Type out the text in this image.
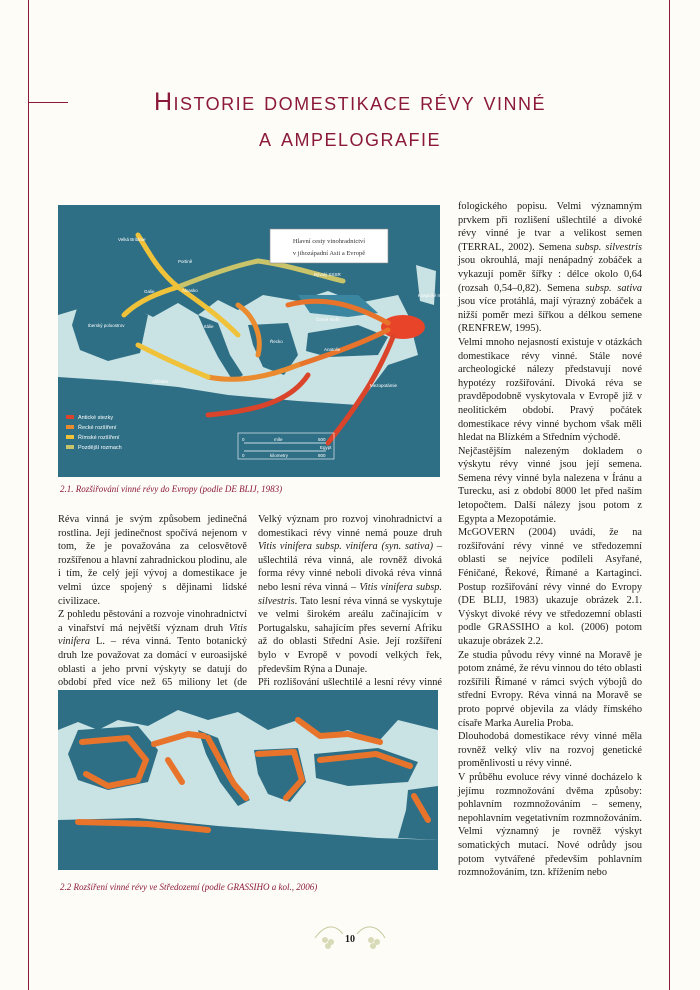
Historie domestikace révy vinné
a ampelografie
Hlavní cesty vinohradnictví
v jihozápadní Asii a Evropě
Velká Británie
Portině
Bývalý SSSR
Galie	Alsasko
Iberský poloostrov
Černé moře
Kaspické moře
Itálie
Řecko
Anatolie
Alžírsko
Mezopotámie
Egypt
Antické stezky
Řecké rozšíření
Římské rozšíření
Pozdější rozmach
0	míle	500
0	kilometry	800
2.1. Rozšiřování vinné révy do Evropy (podle DE BLIJ, 1983)

Réva vinná je svým způsobem jedinečná rostlina. Její jedinečnost spočívá nejenom v tom, že je považována za celosvětově rozšířenou a hlavní zahradnickou plodinu, ale i tím, že celý její vývoj a domestikace je velmi úzce spojený s dějinami lidské civilizace.

Z pohledu pěstování a rozvoje vinohradnictví a vinařství má největší význam druh Vitis vinifera L. – réva vinná. Tento botanický druh lze považovat za domácí v euroasijské oblasti a jeho první výskyty se datují do období před více než 65 miliony let (de

Velký význam pro rozvoj vinohradnictví a domestikaci révy vinné nemá pouze druh Vitis vinifera subsp. vinifera (syn. sativa) – ušlechtilá réva vinná, ale rovněž divoká forma révy vinné neboli divoká réva vinná nebo lesní réva vinná – Vitis vinifera subsp. silvestris. Tato lesní réva vinná se vyskytuje ve velmi širokém areálu začínajícím v Portugalsku, sahajícím přes severní Afriku až do oblasti Střední Asie. Její rozšíření bylo v Evropě v povodí velkých řek, především Rýna a Dunaje.

Při rozlišování ušlechtilé a lesní révy vinné

2.2 Rozšíření vinné révy ve Středozemí (podle GRASSIHO a kol., 2006)

fologického popisu. Velmi významným prvkem při rozlišení ušlechtilé a divoké révy vinné je tvar a velikost semen (TERRAL, 2002). Semena subsp. silvestris jsou okrouhlá, mají nenápadný zobáček a vykazují poměr šířky : délce okolo 0,64 (rozsah 0,54–0,82). Semena subsp. sativa jsou více protáhlá, mají výrazný zobáček a nižší poměr mezi šířkou a délkou semene (RENFREW, 1995).

Velmi mnoho nejasností existuje v otázkách domestikace révy vinné. Stále nové archeologické nálezy představují nové hypotézy rozšiřování. Divoká réva se pravděpodobně vyskytovala v Evropě již v neolitickém období. Pravý počátek domestikace révy vinné bychom však měli hledat na Blízkém a Středním východě.

Nejčastějším nalezeným dokladem o výskytu révy vinné jsou její semena. Semena révy vinné byla nalezena v Íránu a Turecku, asi z období 8000 let před naším letopočtem. Další nálezy jsou potom z Egypta a Mezopotámie.

McGOVERN (2004) uvádí, že na rozšiřování révy vinné ve středozemní oblasti se nejvíce podíleli Asyřané, Féničané, Řekové, Římané a Kartaginci. Postup rozšiřování révy vinné do Evropy (DE BLIJ, 1983) ukazuje obrázek 2.1. Výskyt divoké révy ve středozemní oblasti podle GRASSIHO a kol. (2006) potom ukazuje obrázek 2.2.

Ze studia původu révy vinné na Moravě je potom známé, že révu vinnou do této oblasti rozšířili Římané v rámci svých výbojů do střední Evropy. Réva vinná na Moravě se proto poprvé objevila za vlády římského císaře Marka Aurelia Proba.

Dlouhodobá domestikace révy vinné měla rovněž velký vliv na rozvoj genetické proměnlivosti u révy vinné.

V průběhu evoluce révy vinné docházelo k jejímu rozmnožování dvěma způsoby: pohlavním rozmnožováním – semeny, nepohlavním vegetativním rozmnožováním. Velmi významný je rovněž výskyt somatických mutací. Nové odrůdy jsou potom vytvářené především pohlavním rozmnožováním, tzn. křížením nebo

10
